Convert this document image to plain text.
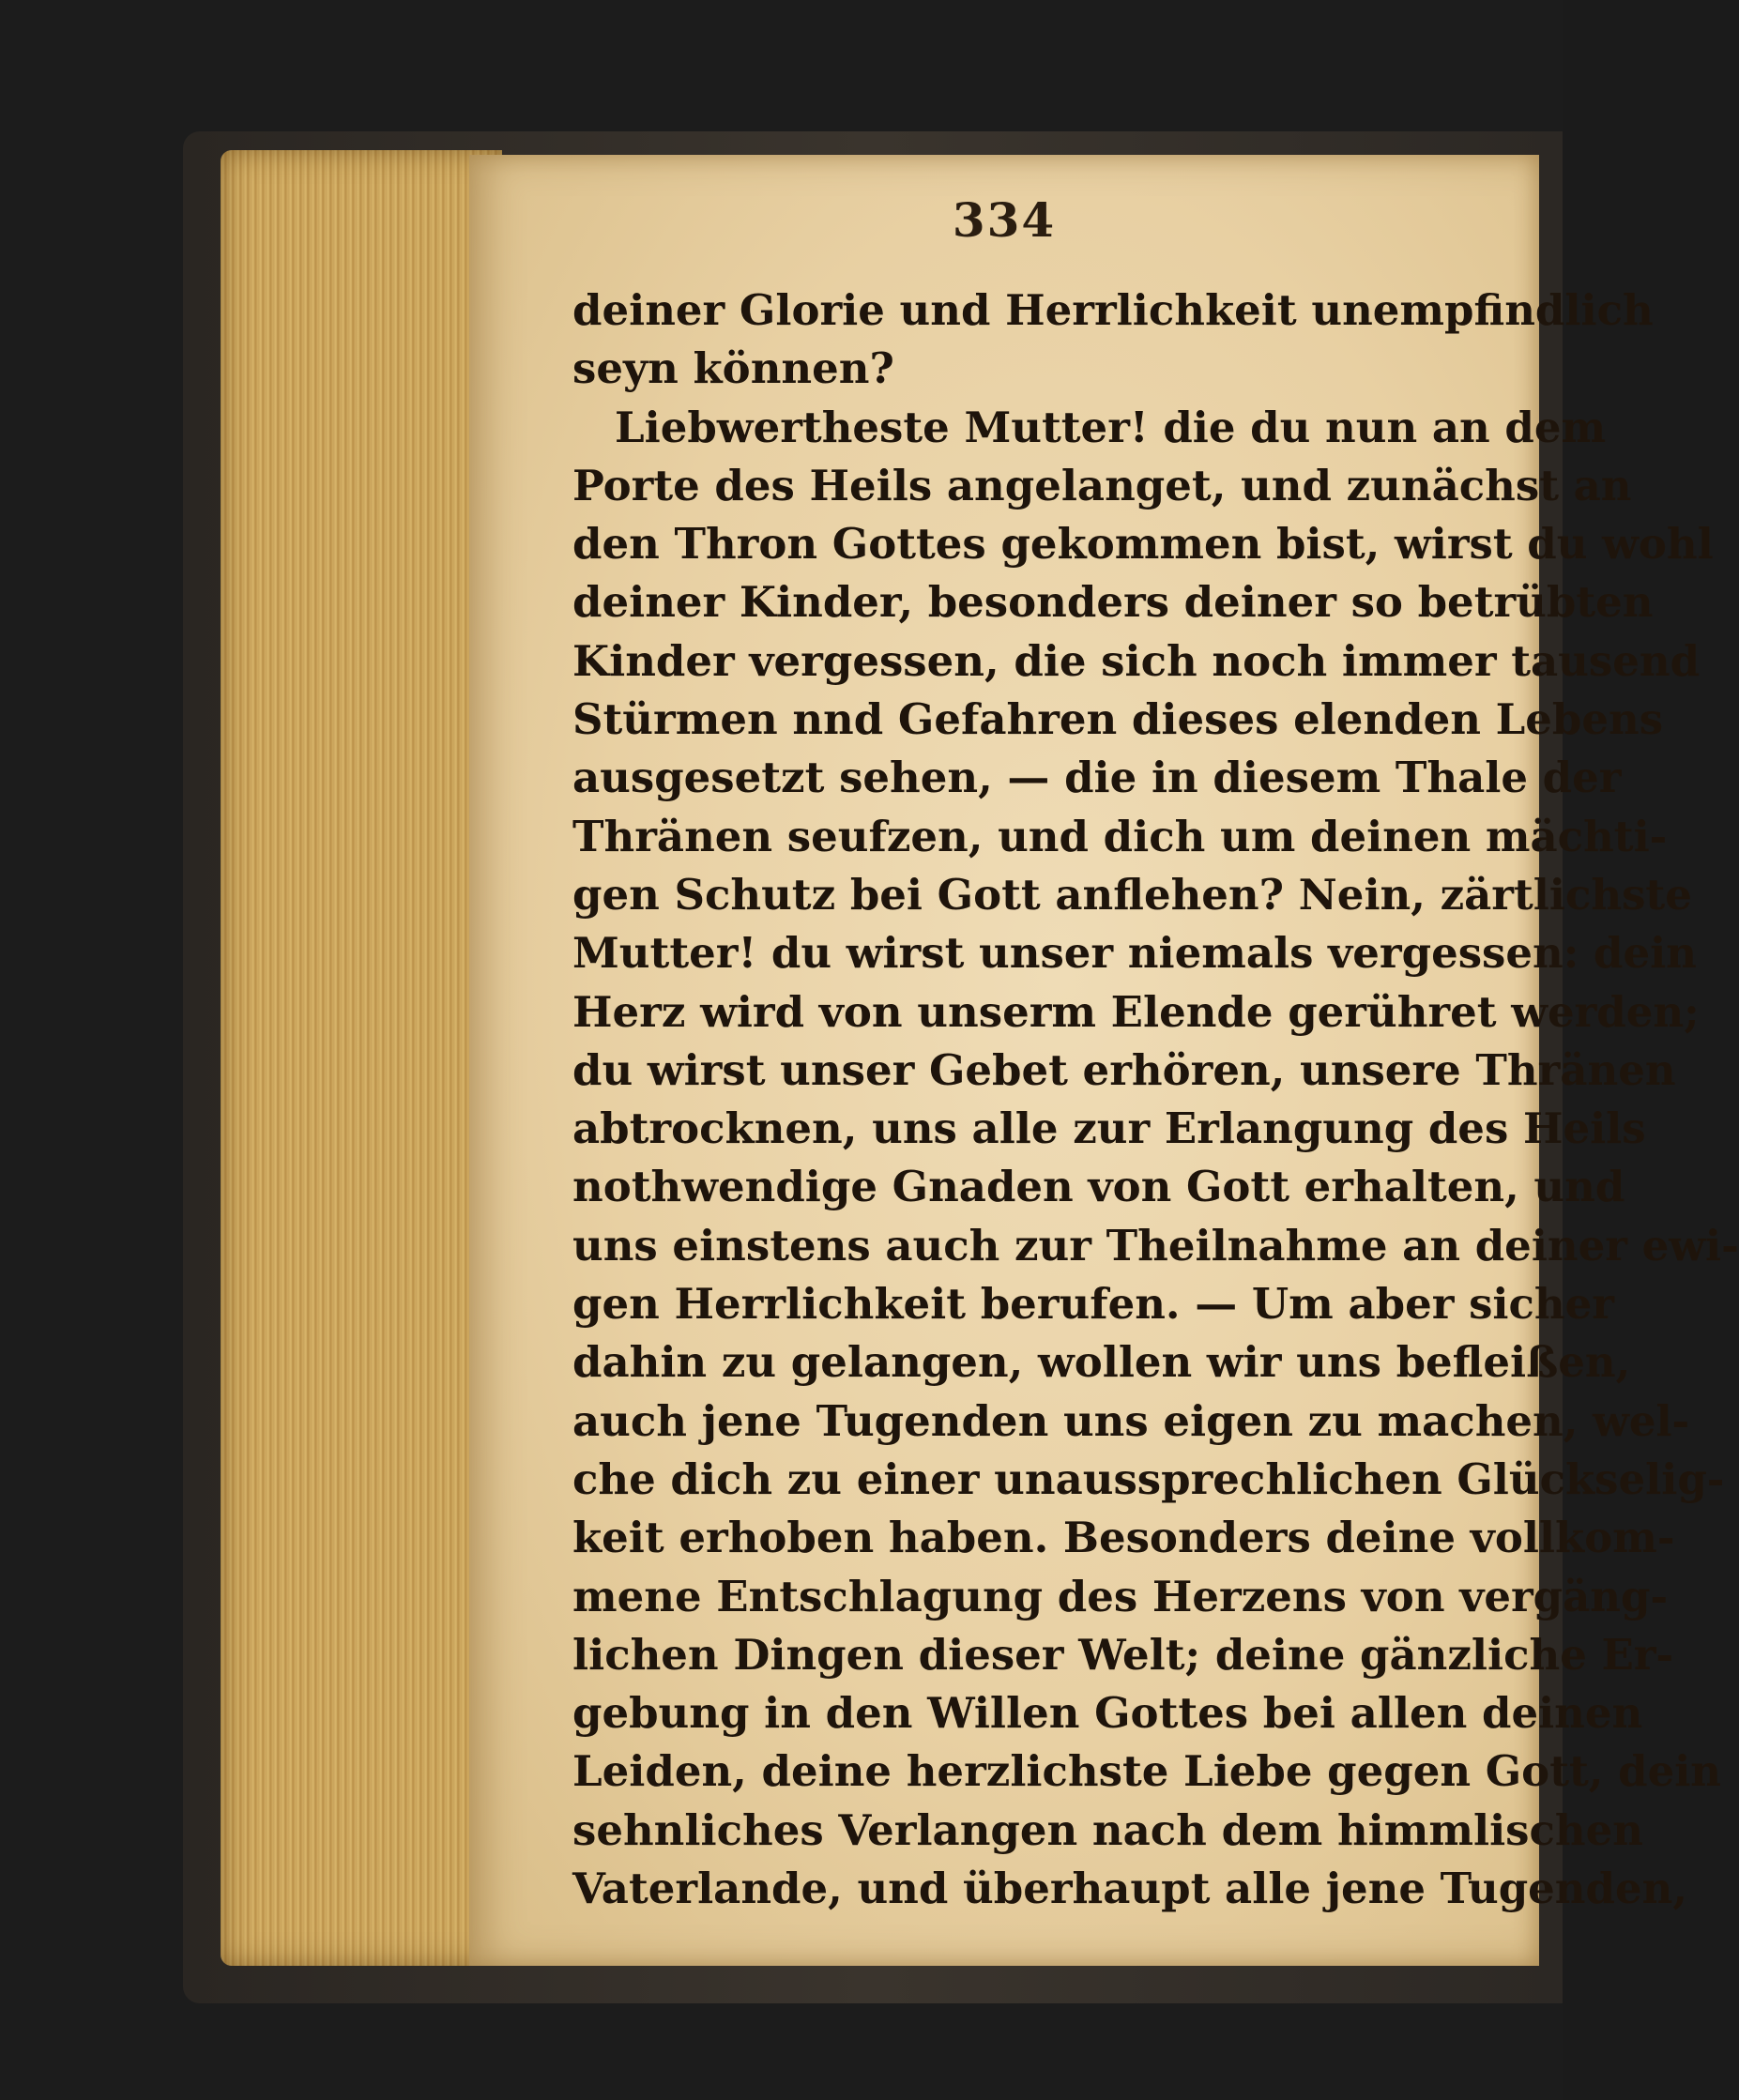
334
deiner Glorie und Herrlichkeit unempfindlich
seyn können?
Liebwertheste Mutter! die du nun an dem
Porte des Heils angelanget, und zunächst an
den Thron Gottes gekommen bist, wirst du wohl
deiner Kinder, besonders deiner so betrübten
Kinder vergessen, die sich noch immer tausend
Stürmen nnd Gefahren dieses elenden Lebens
ausgesetzt sehen, — die in diesem Thale der
Thränen seufzen, und dich um deinen mächti-
gen Schutz bei Gott anflehen? Nein, zärtlichste
Mutter! du wirst unser niemals vergessen: dein
Herz wird von unserm Elende gerühret werden;
du wirst unser Gebet erhören, unsere Thränen
abtrocknen, uns alle zur Erlangung des Heils
nothwendige Gnaden von Gott erhalten, und
uns einstens auch zur Theilnahme an deiner ewi-
gen Herrlichkeit berufen. — Um aber sicher
dahin zu gelangen, wollen wir uns befleißen,
auch jene Tugenden uns eigen zu machen, wel-
che dich zu einer unaussprechlichen Glückselig-
keit erhoben haben. Besonders deine vollkom-
mene Entschlagung des Herzens von vergäng-
lichen Dingen dieser Welt; deine gänzliche Er-
gebung in den Willen Gottes bei allen deinen
Leiden, deine herzlichste Liebe gegen Gott, dein
sehnliches Verlangen nach dem himmlischen
Vaterlande, und überhaupt alle jene Tugenden,
